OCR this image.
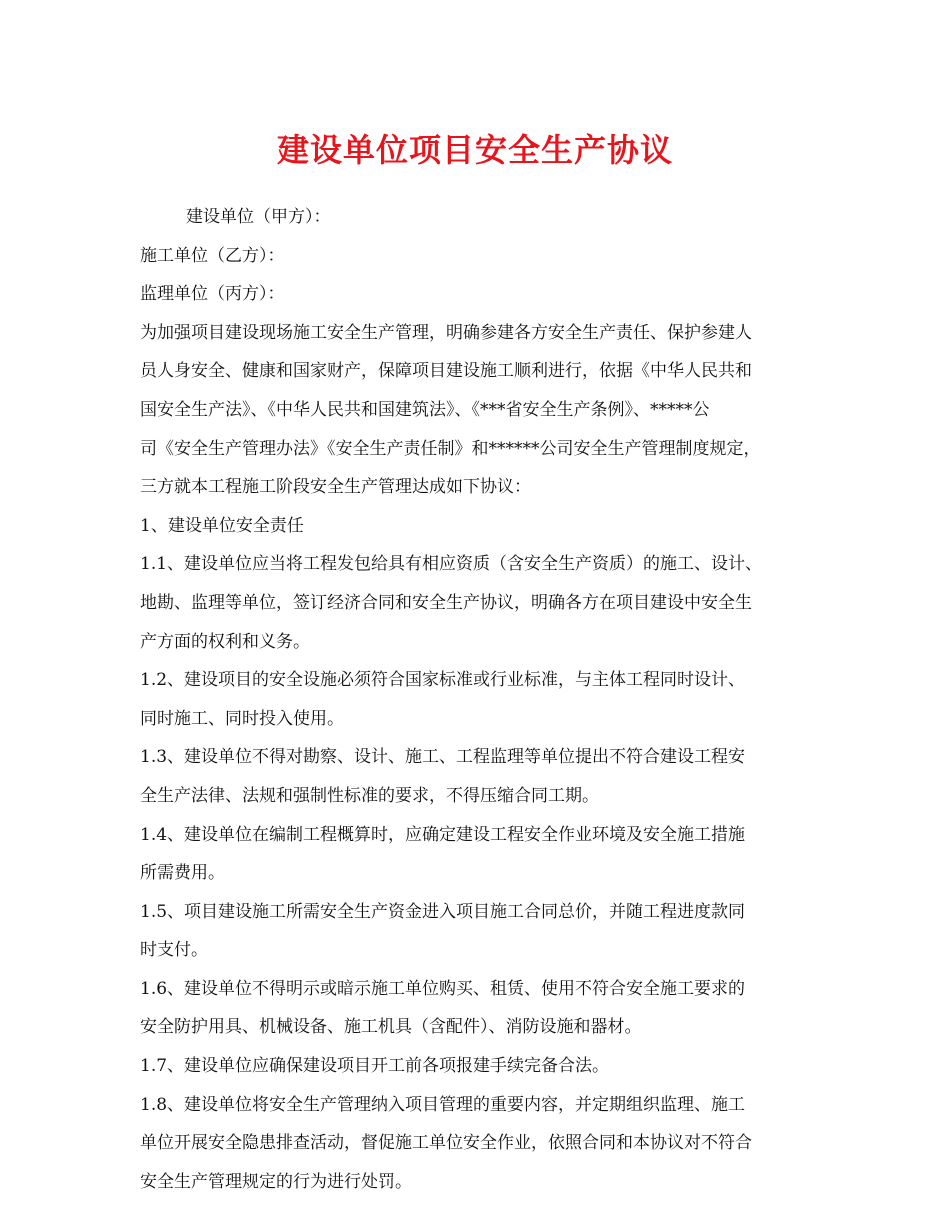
建设单位项目安全生产协议
建设单位（甲方）：
施工单位（乙方）：
监理单位（丙方）：
为加强项目建设现场施工安全生产管理，明确参建各方安全生产责任、保护参建人
员人身安全、健康和国家财产，保障项目建设施工顺利进行，依据《中华人民共和
国安全生产法》、《中华人民共和国建筑法》、《***省安全生产条例》、*****公
司《安全生产管理办法》《安全生产责任制》和******公司安全生产管理制度规定，
三方就本工程施工阶段安全生产管理达成如下协议：
1、建设单位安全责任
1.1、建设单位应当将工程发包给具有相应资质（含安全生产资质）的施工、设计、
地勘、监理等单位，签订经济合同和安全生产协议，明确各方在项目建设中安全生
产方面的权利和义务。
1.2、建设项目的安全设施必须符合国家标准或行业标准，与主体工程同时设计、
同时施工、同时投入使用。
1.3、建设单位不得对勘察、设计、施工、工程监理等单位提出不符合建设工程安
全生产法律、法规和强制性标准的要求，不得压缩合同工期。
1.4、建设单位在编制工程概算时，应确定建设工程安全作业环境及安全施工措施
所需费用。
1.5、项目建设施工所需安全生产资金进入项目施工合同总价，并随工程进度款同
时支付。
1.6、建设单位不得明示或暗示施工单位购买、租赁、使用不符合安全施工要求的
安全防护用具、机械设备、施工机具（含配件）、消防设施和器材。
1.7、建设单位应确保建设项目开工前各项报建手续完备合法。
1.8、建设单位将安全生产管理纳入项目管理的重要内容，并定期组织监理、施工
单位开展安全隐患排查活动，督促施工单位安全作业，依照合同和本协议对不符合
安全生产管理规定的行为进行处罚。
